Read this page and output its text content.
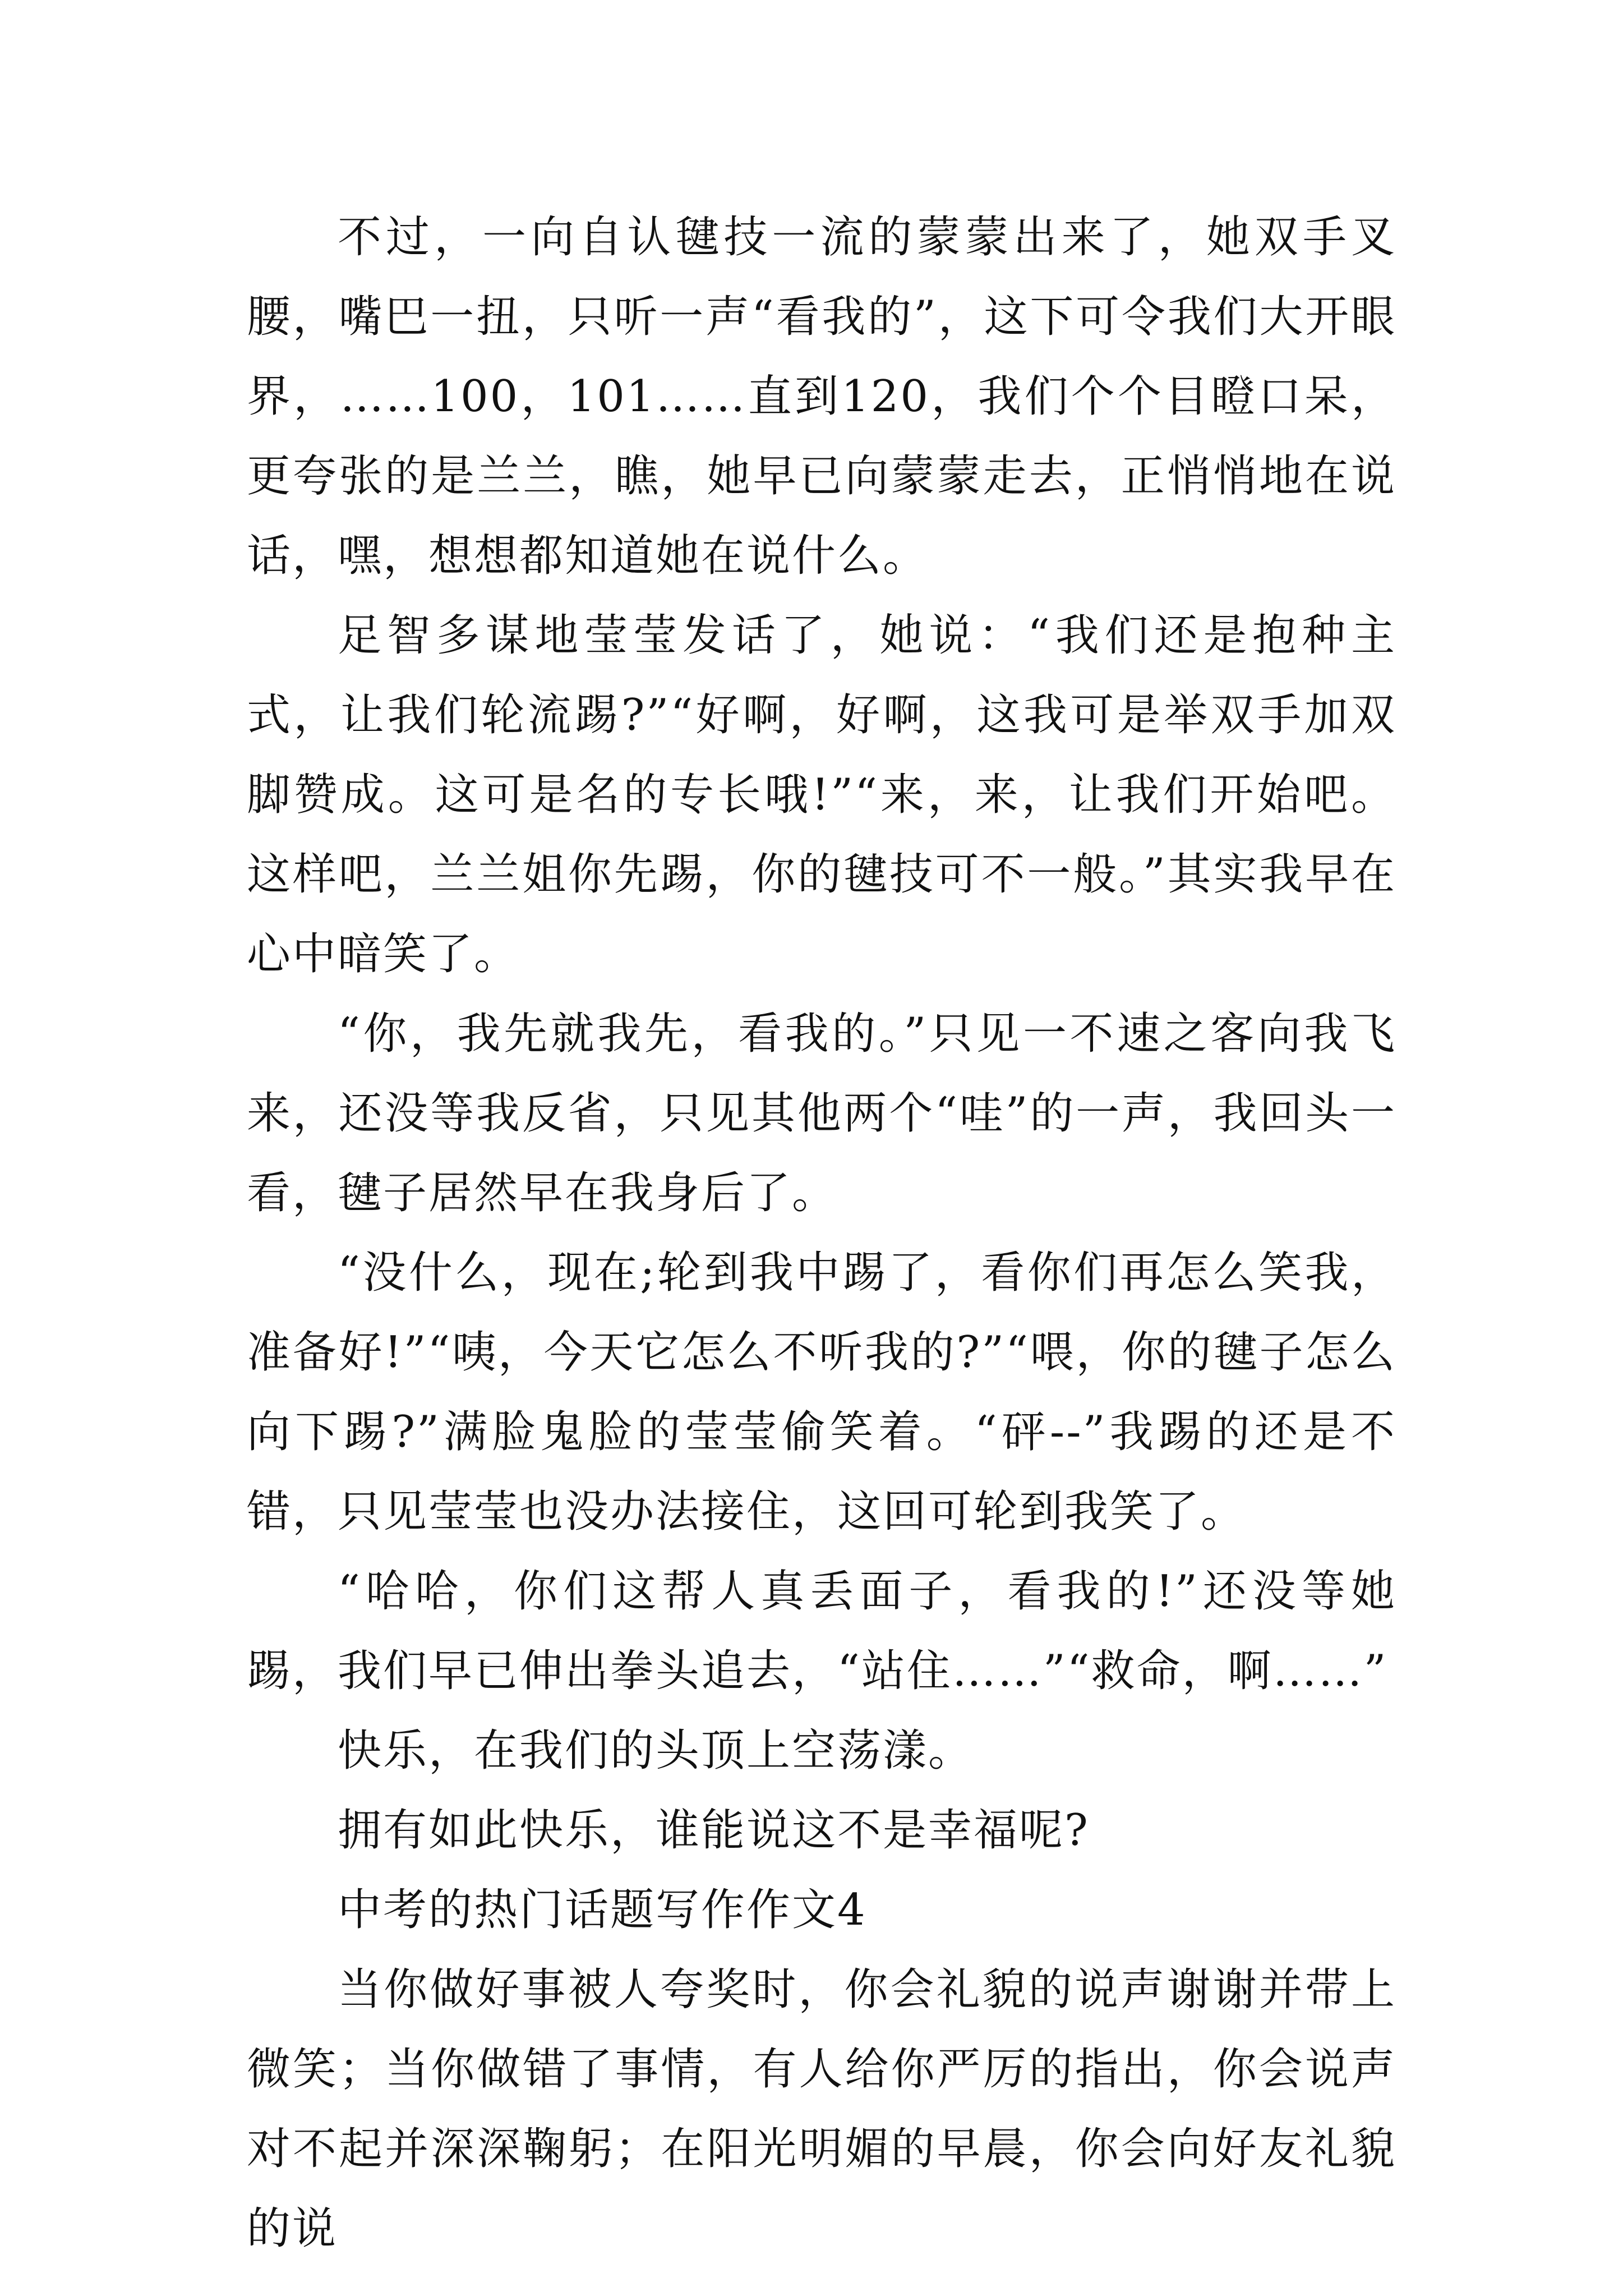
不过，一向自认毽技一流的蒙蒙出来了，她双手叉腰，嘴巴一扭，只听一声“看我的”，这下可令我们大开眼界，……100，101……直到120，我们个个目瞪口呆，更夸张的是兰兰，瞧，她早已向蒙蒙走去，正悄悄地在说话，嘿，想想都知道她在说什么。

足智多谋地莹莹发话了，她说：“我们还是抱种主式，让我们轮流踢?”“好啊，好啊，这我可是举双手加双脚赞成。这可是名的专长哦!”“来，来，让我们开始吧。这样吧，兰兰姐你先踢，你的毽技可不一般。”其实我早在心中暗笑了。

“你，我先就我先，看我的。”只见一不速之客向我飞来，还没等我反省，只见其他两个“哇”的一声，我回头一看，毽子居然早在我身后了。

“没什么，现在;轮到我中踢了，看你们再怎么笑我，准备好!”“咦，今天它怎么不听我的?”“喂，你的毽子怎么向下踢?”满脸鬼脸的莹莹偷笑着。“砰--”我踢的还是不错，只见莹莹也没办法接住，这回可轮到我笑了。

“哈哈，你们这帮人真丢面子，看我的!”还没等她踢，我们早已伸出拳头追去，“站住……”“救命，啊……”

快乐，在我们的头顶上空荡漾。

拥有如此快乐，谁能说这不是幸福呢?

中考的热门话题写作作文4

当你做好事被人夸奖时，你会礼貌的说声谢谢并带上微笑；当你做错了事情，有人给你严厉的指出，你会说声对不起并深深鞠躬；在阳光明媚的早晨，你会向好友礼貌的说
